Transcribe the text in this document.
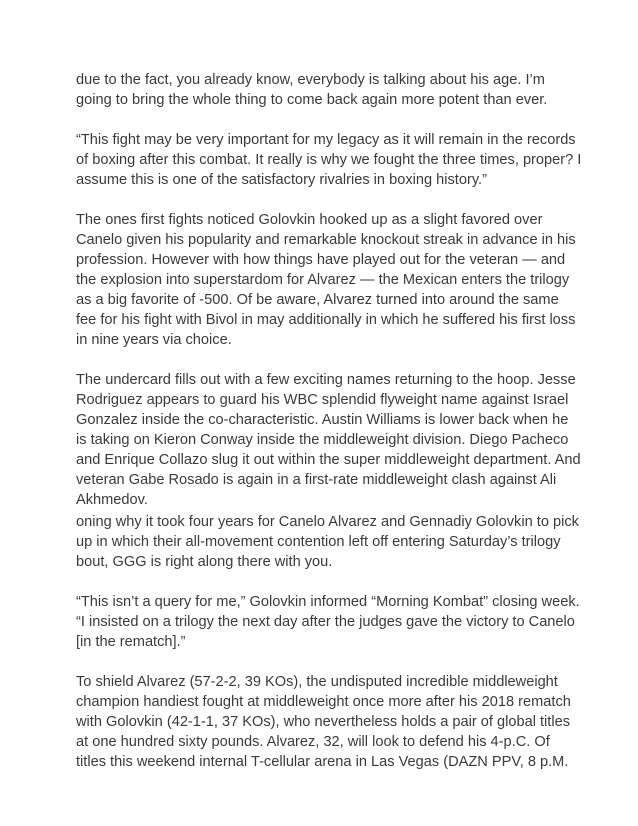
due to the fact, you already know, everybody is talking about his age. I’m
going to bring the whole thing to come back again more potent than ever.
“This fight may be very important for my legacy as it will remain in the records
of boxing after this combat. It really is why we fought the three times, proper? I
assume this is one of the satisfactory rivalries in boxing history.”
The ones first fights noticed Golovkin hooked up as a slight favored over
Canelo given his popularity and remarkable knockout streak in advance in his
profession. However with how things have played out for the veteran — and
the explosion into superstardom for Alvarez — the Mexican enters the trilogy
as a big favorite of -500. Of be aware, Alvarez turned into around the same
fee for his fight with Bivol in may additionally in which he suffered his first loss
in nine years via choice.
The undercard fills out with a few exciting names returning to the hoop. Jesse
Rodriguez appears to guard his WBC splendid flyweight name against Israel
Gonzalez inside the co-characteristic. Austin Williams is lower back when he
is taking on Kieron Conway inside the middleweight division. Diego Pacheco
and Enrique Collazo slug it out within the super middleweight department. And
veteran Gabe Rosado is again in a first-rate middleweight clash against Ali
Akhmedov.
oning why it took four years for Canelo Alvarez and Gennadiy Golovkin to pick
up in which their all-movement contention left off entering Saturday’s trilogy
bout, GGG is right along there with you.
“This isn’t a query for me,” Golovkin informed “Morning Kombat” closing week.
“I insisted on a trilogy the next day after the judges gave the victory to Canelo
[in the rematch].”
To shield Alvarez (57-2-2, 39 KOs), the undisputed incredible middleweight
champion handiest fought at middleweight once more after his 2018 rematch
with Golovkin (42-1-1, 37 KOs), who nevertheless holds a pair of global titles
at one hundred sixty pounds. Alvarez, 32, will look to defend his 4-p.C. Of
titles this weekend internal T-cellular arena in Las Vegas (DAZN PPV, 8 p.M.
